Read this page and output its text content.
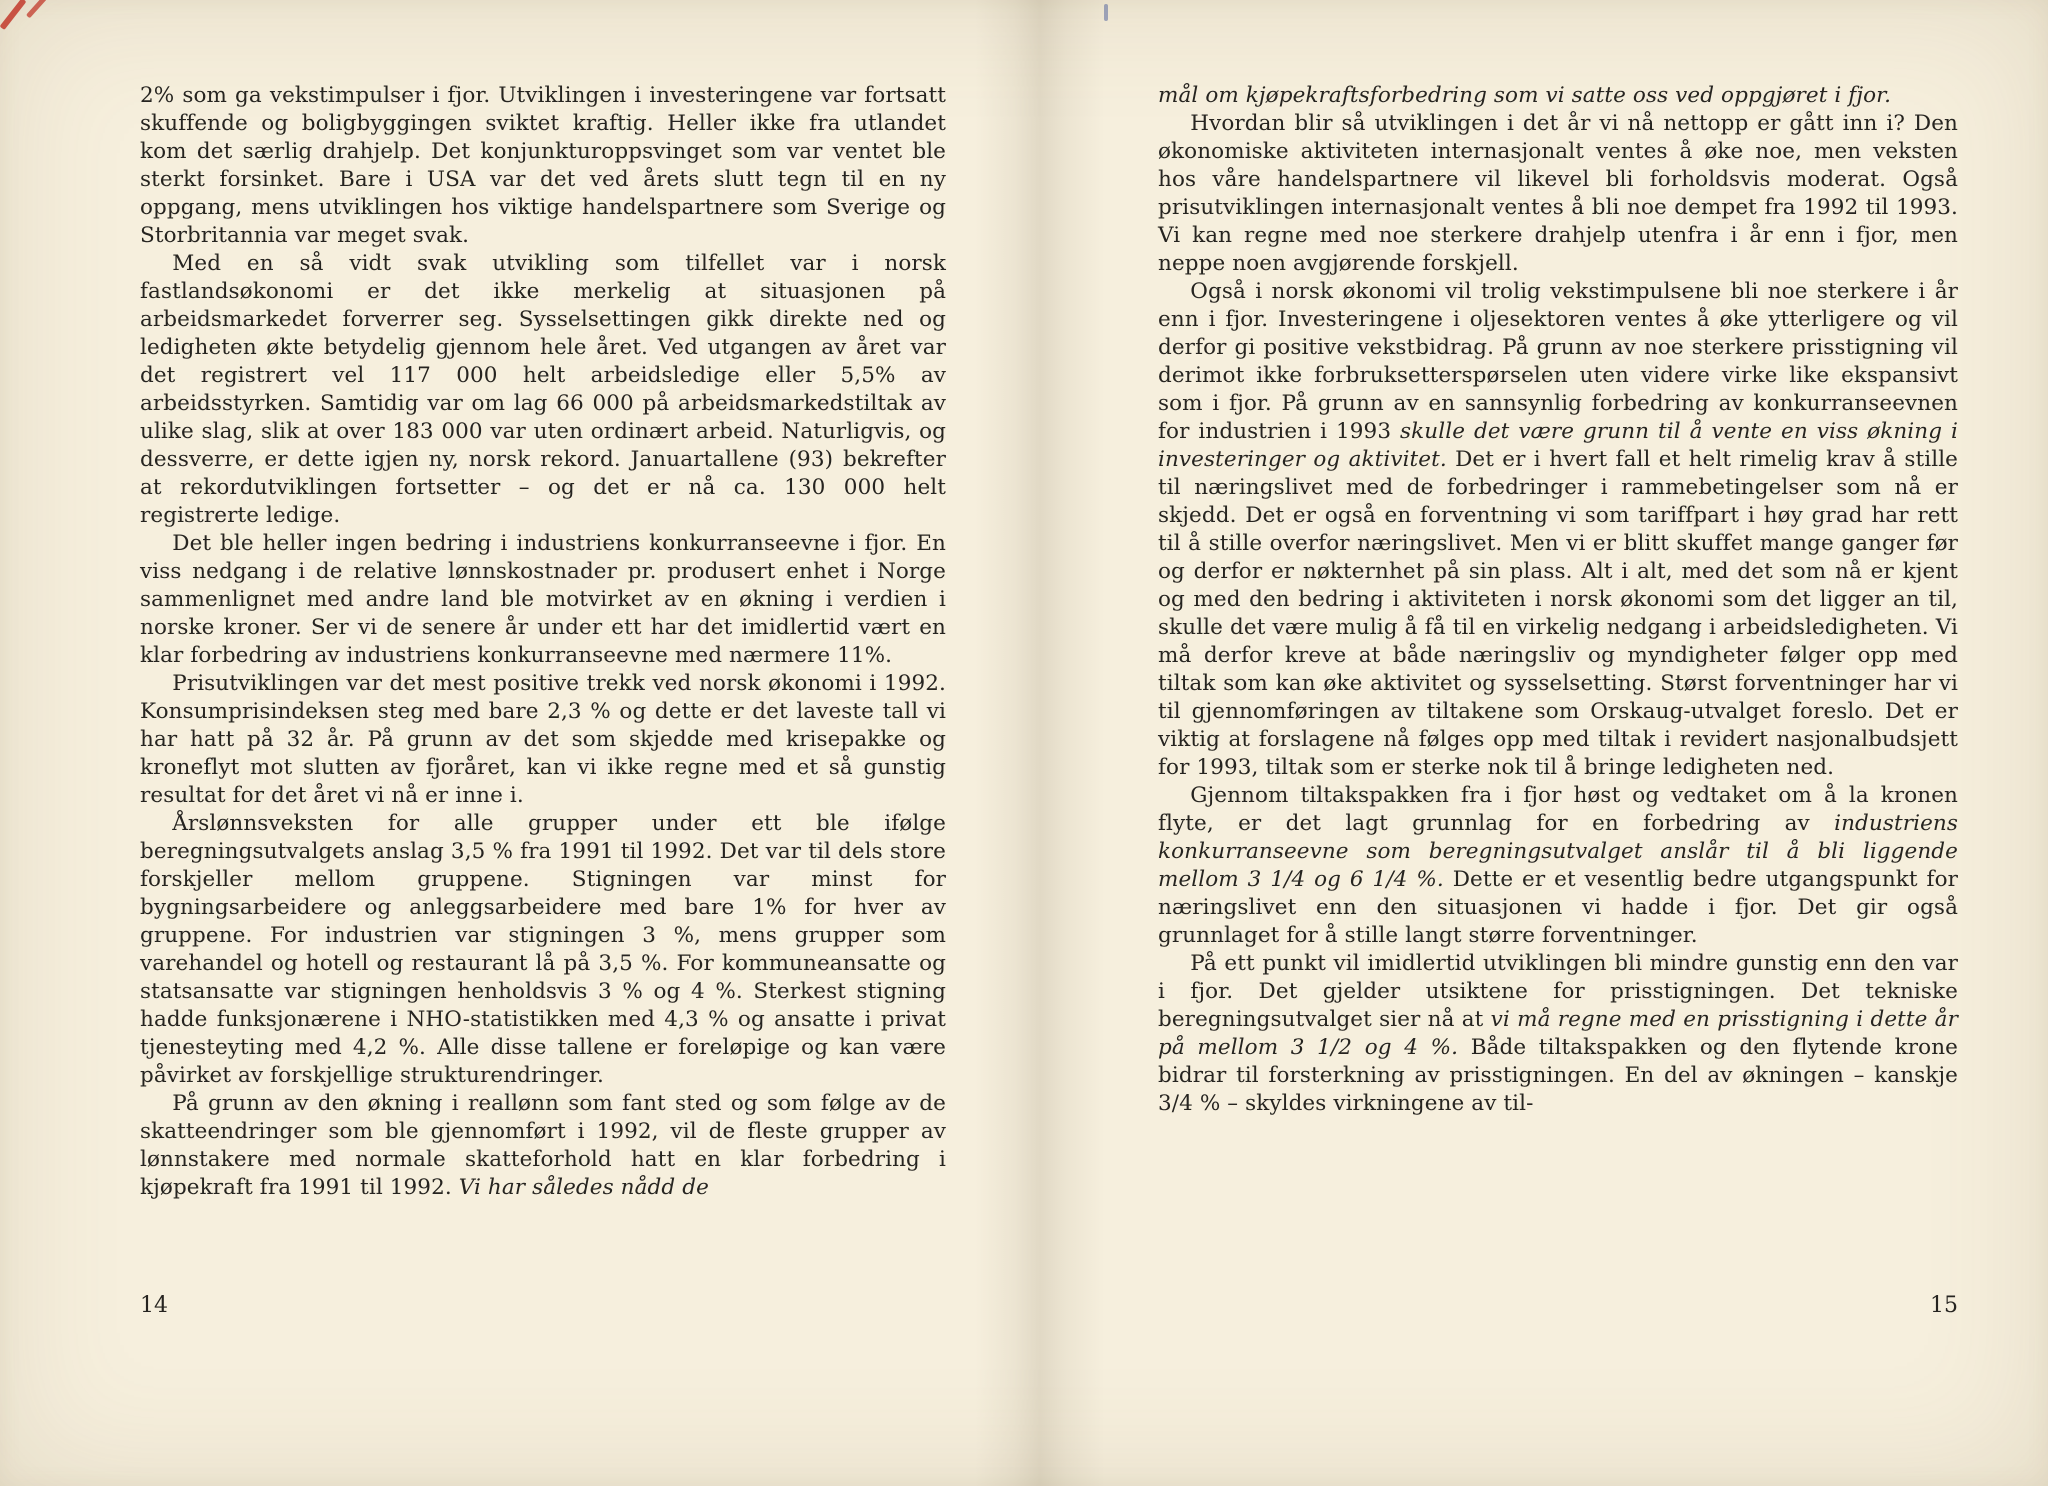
2% som ga vekstimpulser i fjor. Utviklingen i investeringene var fortsatt skuffende og boligbyggingen sviktet kraftig. Heller ikke fra utlandet kom det særlig drahjelp. Det konjunkturoppsvinget som var ventet ble sterkt forsinket. Bare i USA var det ved årets slutt tegn til en ny oppgang, mens utviklingen hos viktige handelspartnere som Sverige og Storbritannia var meget svak.

Med en så vidt svak utvikling som tilfellet var i norsk fastlandsøkonomi er det ikke merkelig at situasjonen på arbeidsmarkedet forverrer seg. Sysselsettingen gikk direkte ned og ledigheten økte betydelig gjennom hele året. Ved utgangen av året var det registrert vel 117 000 helt arbeidsledige eller 5,5% av arbeidsstyrken. Samtidig var om lag 66 000 på arbeidsmarkedstiltak av ulike slag, slik at over 183 000 var uten ordinært arbeid. Naturligvis, og dessverre, er dette igjen ny, norsk rekord. Januartallene (93) bekrefter at rekordutviklingen fortsetter – og det er nå ca. 130 000 helt registrerte ledige.

Det ble heller ingen bedring i industriens konkurranseevne i fjor. En viss nedgang i de relative lønnskostnader pr. produsert enhet i Norge sammenlignet med andre land ble motvirket av en økning i verdien i norske kroner. Ser vi de senere år under ett har det imidlertid vært en klar forbedring av industriens konkurranseevne med nærmere 11%.

Prisutviklingen var det mest positive trekk ved norsk økonomi i 1992. Konsumprisindeksen steg med bare 2,3 % og dette er det laveste tall vi har hatt på 32 år. På grunn av det som skjedde med krisepakke og kroneflyt mot slutten av fjoråret, kan vi ikke regne med et så gunstig resultat for det året vi nå er inne i.

Årslønnsveksten for alle grupper under ett ble ifølge beregningsutvalgets anslag 3,5 % fra 1991 til 1992. Det var til dels store forskjeller mellom gruppene. Stigningen var minst for bygningsarbeidere og anleggsarbeidere med bare 1% for hver av gruppene. For industrien var stigningen 3 %, mens grupper som varehandel og hotell og restaurant lå på 3,5 %. For kommuneansatte og statsansatte var stigningen henholdsvis 3 % og 4 %. Sterkest stigning hadde funksjonærene i NHO-statistikken med 4,3 % og ansatte i privat tjenesteyting med 4,2 %. Alle disse tallene er foreløpige og kan være påvirket av forskjellige strukturendringer.

På grunn av den økning i reallønn som fant sted og som følge av de skatteendringer som ble gjennomført i 1992, vil de fleste grupper av lønnstakere med normale skatteforhold hatt en klar forbedring i kjøpekraft fra 1991 til 1992. Vi har således nådd de

14

mål om kjøpekraftsforbedring som vi satte oss ved oppgjøret i fjor.

Hvordan blir så utviklingen i det år vi nå nettopp er gått inn i? Den økonomiske aktiviteten internasjonalt ventes å øke noe, men veksten hos våre handelspartnere vil likevel bli forholdsvis moderat. Også prisutviklingen internasjonalt ventes å bli noe dempet fra 1992 til 1993. Vi kan regne med noe sterkere drahjelp utenfra i år enn i fjor, men neppe noen avgjørende forskjell.

Også i norsk økonomi vil trolig vekstimpulsene bli noe sterkere i år enn i fjor. Investeringene i oljesektoren ventes å øke ytterligere og vil derfor gi positive vekstbidrag. På grunn av noe sterkere prisstigning vil derimot ikke forbruksetterspørselen uten videre virke like ekspansivt som i fjor. På grunn av en sannsynlig forbedring av konkurranseevnen for industrien i 1993 skulle det være grunn til å vente en viss økning i investeringer og aktivitet. Det er i hvert fall et helt rimelig krav å stille til næringslivet med de forbedringer i rammebetingelser som nå er skjedd. Det er også en forventning vi som tariffpart i høy grad har rett til å stille overfor næringslivet. Men vi er blitt skuffet mange ganger før og derfor er nøkternhet på sin plass. Alt i alt, med det som nå er kjent og med den bedring i aktiviteten i norsk økonomi som det ligger an til, skulle det være mulig å få til en virkelig nedgang i arbeidsledigheten. Vi må derfor kreve at både næringsliv og myndigheter følger opp med tiltak som kan øke aktivitet og sysselsetting. Størst forventninger har vi til gjennomføringen av tiltakene som Orskaug-utvalget foreslo. Det er viktig at forslagene nå følges opp med tiltak i revidert nasjonalbudsjett for 1993, tiltak som er sterke nok til å bringe ledigheten ned.

Gjennom tiltakspakken fra i fjor høst og vedtaket om å la kronen flyte, er det lagt grunnlag for en forbedring av industriens konkurranseevne som beregningsutvalget anslår til å bli liggende mellom 3 1/4 og 6 1/4 %. Dette er et vesentlig bedre utgangspunkt for næringslivet enn den situasjonen vi hadde i fjor. Det gir også grunnlaget for å stille langt større forventninger.

På ett punkt vil imidlertid utviklingen bli mindre gunstig enn den var i fjor. Det gjelder utsiktene for prisstigningen. Det tekniske beregningsutvalget sier nå at vi må regne med en prisstigning i dette år på mellom 3 1/2 og 4 %. Både tiltakspakken og den flytende krone bidrar til forsterkning av prisstigningen. En del av økningen – kanskje 3/4 % – skyldes virkningene av til-

15
